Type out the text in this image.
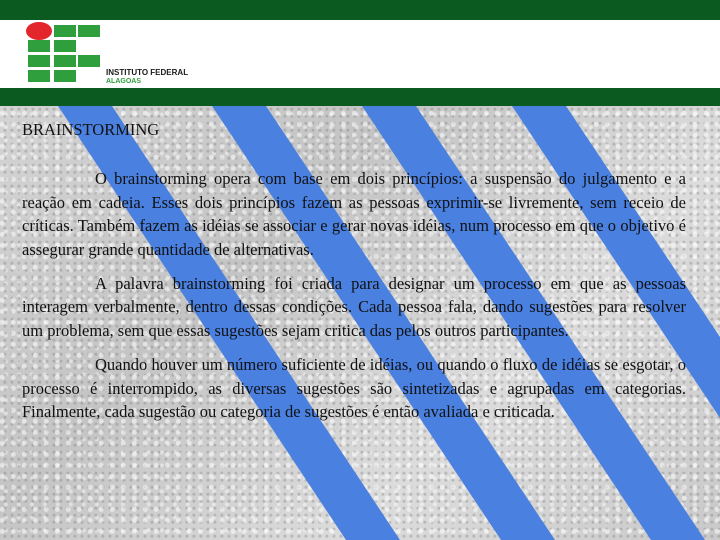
INSTITUTO FEDERAL
ALAGOAS
BRAINSTORMING

O brainstorming opera com base em dois princípios: a suspensão do julgamento e a reação em cadeia. Esses dois princípios fazem as pessoas exprimir-se livremente, sem receio de críticas. Também fazem as idéias se associar e gerar novas idéias, num processo em que o objetivo é assegurar grande quantidade de alternativas.

A palavra brainstorming foi criada para designar um processo em que as pessoas interagem verbalmente, dentro dessas condições. Cada pessoa fala, dando sugestões para resolver um problema, sem que essas sugestões sejam critica das pelos outros participantes.

Quando houver um número suficiente de idéias, ou quando o fluxo de idéias se esgotar, o processo é interrompido, as diversas sugestões são sintetizadas e agrupadas em categorias. Finalmente, cada sugestão ou categoria de sugestões é então avaliada e criticada.
